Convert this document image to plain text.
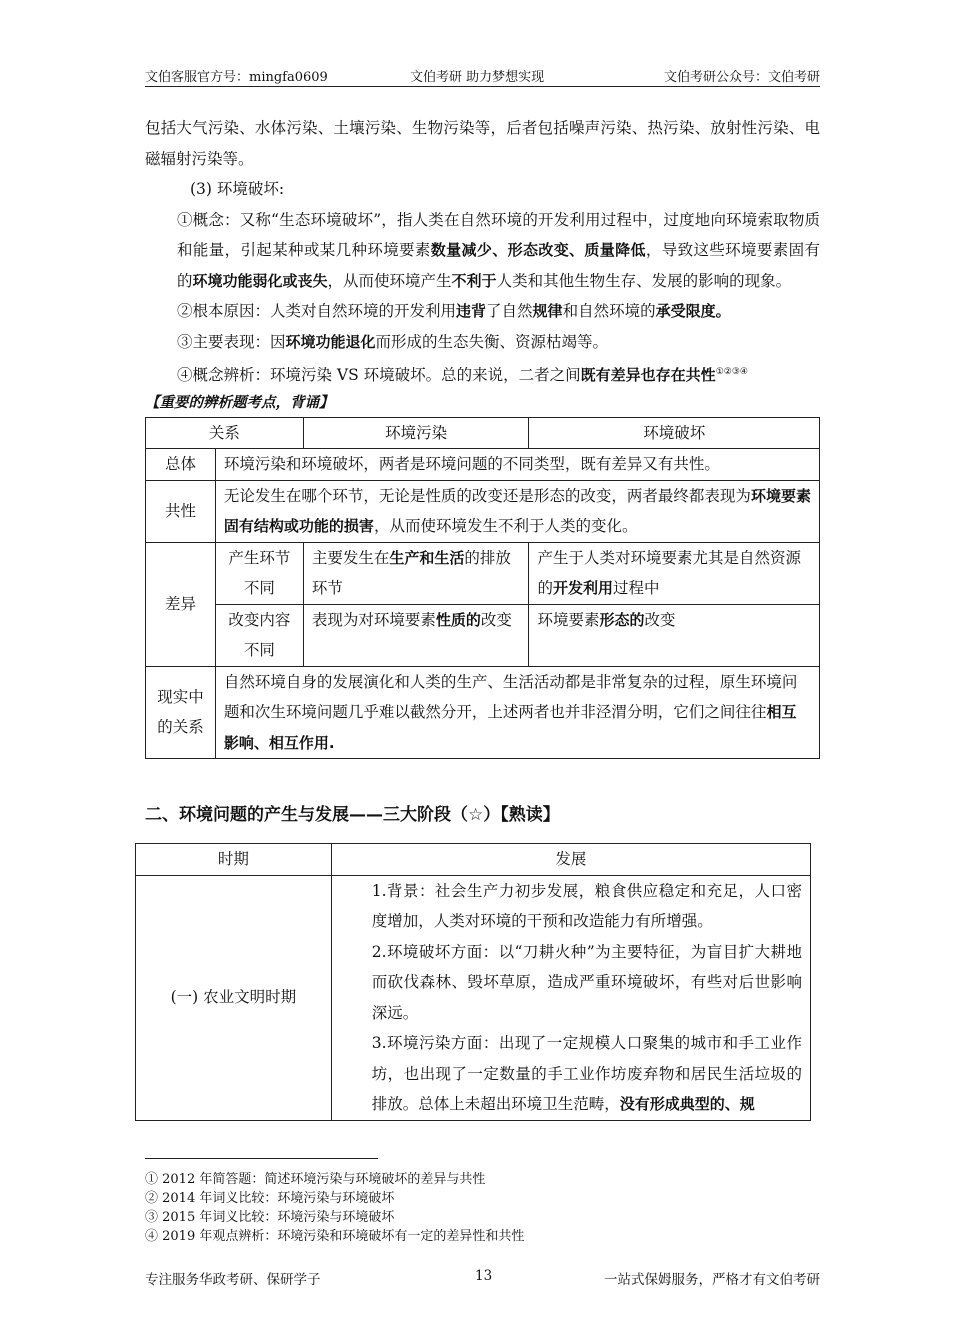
文伯客服官方号：mingfa0609	文伯考研 助力梦想实现	文伯考研公众号：文伯考研

包括大气污染、水体污染、土壤污染、生物污染等，后者包括噪声污染、热污染、放射性污染、电磁辐射污染等。

(3) 环境破坏:

①概念：又称“生态环境破坏”，指人类在自然环境的开发利用过程中，过度地向环境索取物质和能量，引起某种或某几种环境要素数量减少、形态改变、质量降低，导致这些环境要素固有的环境功能弱化或丧失，从而使环境产生不利于人类和其他生物生存、发展的影响的现象。

②根本原因：人类对自然环境的开发利用违背了自然规律和自然环境的承受限度。

③主要表现：因环境功能退化而形成的生态失衡、资源枯竭等。

④概念辨析：环境污染 VS 环境破坏。总的来说，二者之间既有差异也存在共性①②③④

【重要的辨析题考点，背诵】
关系		环境污染	环境破坏
总体	环境污染和环境破坏，两者是环境问题的不同类型，既有差异又有共性。		
共性	无论发生在哪个环节，无论是性质的改变还是形态的改变，两者最终都表现为环境要素固有结构或功能的损害，从而使环境发生不利于人类的变化。		
差异	产生环节不同	主要发生在生产和生活的排放环节	产生于人类对环境要素尤其是自然资源的开发利用过程中
	改变内容不同	表现为对环境要素性质的改变	环境要素形态的改变
现实中的关系	自然环境自身的发展演化和人类的生产、生活活动都是非常复杂的过程，原生环境问题和次生环境问题几乎难以截然分开，上述两者也并非泾渭分明，它们之间往往相互影响、相互作用.		
二、环境问题的产生与发展——三大阶段（☆）【熟读】
时期	发展
(一) 农业文明时期	1.背景：社会生产力初步发展，粮食供应稳定和充足，人口密度增加，人类对环境的干预和改造能力有所增强。

2.环境破坏方面：以“刀耕火种”为主要特征，为盲目扩大耕地而砍伐森林、毁坏草原，造成严重环境破坏，有些对后世影响深远。

3.环境污染方面：出现了一定规模人口聚集的城市和手工业作坊，也出现了一定数量的手工业作坊废弃物和居民生活垃圾的排放。总体上未超出环境卫生范畴，没有形成典型的、规

① 2012 年简答题：简述环境污染与环境破坏的差异与共性
② 2014 年词义比较：环境污染与环境破坏
③ 2015 年词义比较：环境污染与环境破坏
④ 2019 年观点辨析：环境污染和环境破坏有一定的差异性和共性
专注服务华政考研、保研学子	13	一站式保姆服务，严格才有文伯考研
